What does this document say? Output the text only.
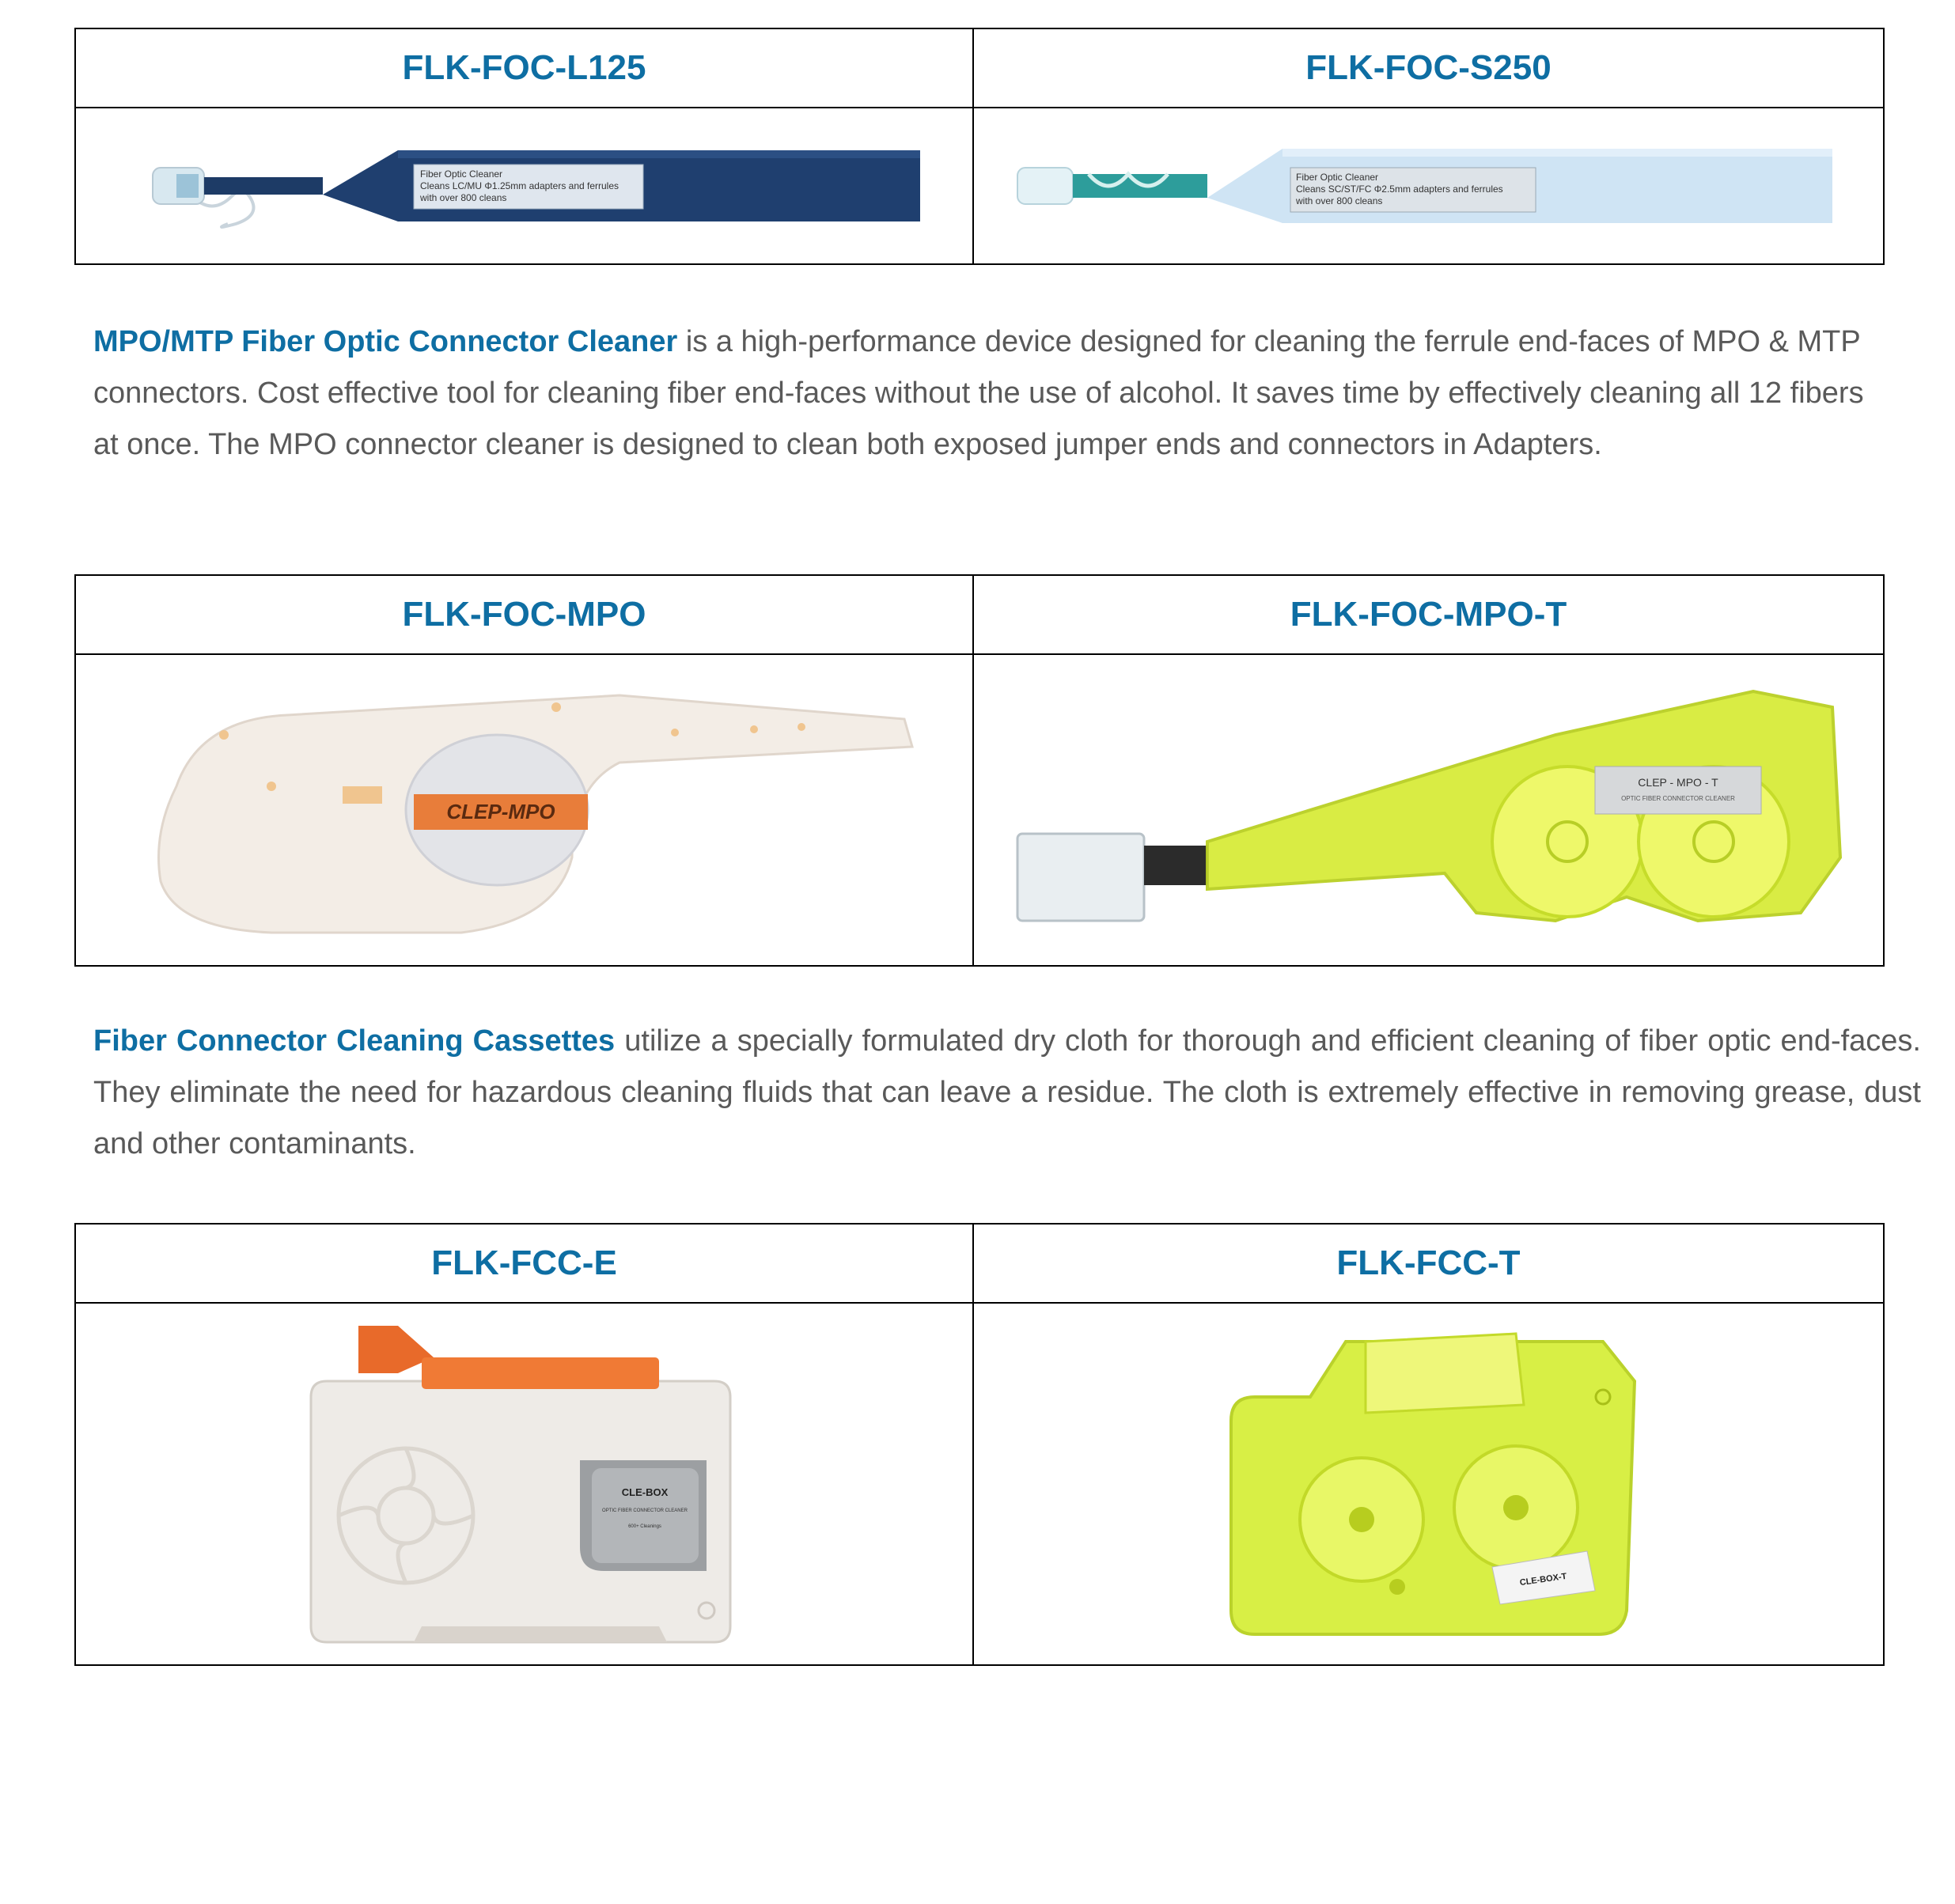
FLK-FOC-L125	FLK-FOC-S250

Fiber Optic Cleaner
Cleans LC/MU Φ1.25mm adapters and ferrules
with over 800 cleans	Fiber Optic Cleaner
Cleans SC/ST/FC Φ2.5mm adapters and ferrules
with over 800 cleans

MPO/MTP Fiber Optic Connector Cleaner is a high-performance device designed for cleaning the ferrule end-faces of MPO & MTP connectors. Cost effective tool for cleaning fiber end-faces without the use of alcohol. It saves time by effectively cleaning all 12 fibers at once. The MPO connector cleaner is designed to clean both exposed jumper ends and connectors in Adapters.

FLK-FOC-MPO	FLK-FOC-MPO-T

CLEP-MPO	CLEP - MPO - T
OPTIC FIBER CONNECTOR CLEANER

Fiber Connector Cleaning Cassettes utilize a specially formulated dry cloth for thorough and efficient cleaning of fiber optic end-faces. They eliminate the need for hazardous cleaning fluids that can leave a residue. The cloth is extremely effective in removing grease, dust and other contaminants.

FLK-FCC-E	FLK-FCC-T

CLE-BOX
OPTIC FIBER CONNECTOR CLEANER
600+ Cleanings	CLE-BOX-T
